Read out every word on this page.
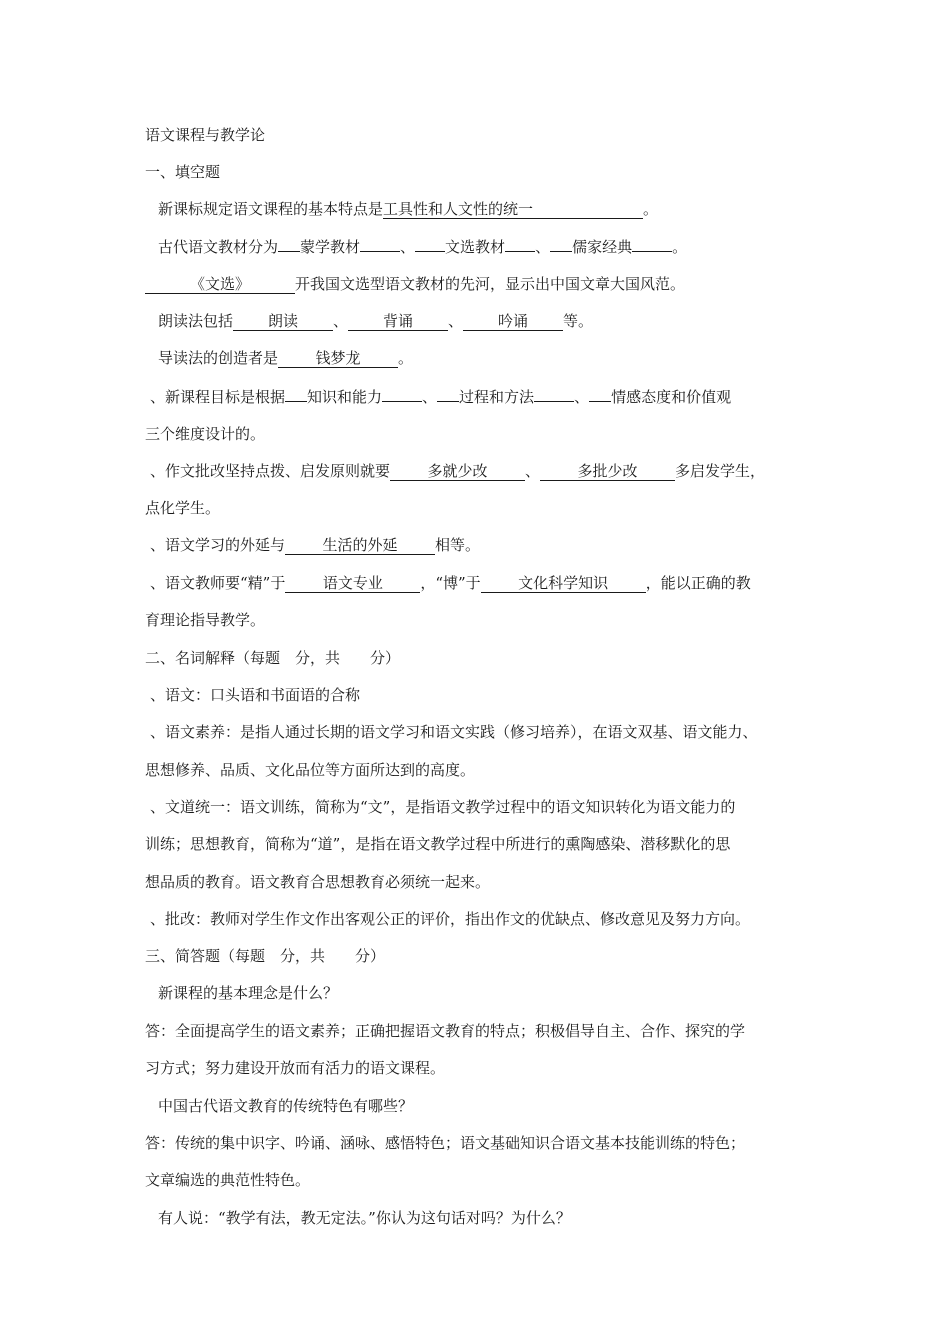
语文课程与教学论
一、填空题
新课标规定语文课程的基本特点是工具性和人文性的统一	。
古代语文教材分为 蒙学教材	、 文选教材 、 儒家经典	。
《文选》	开我国文选型语文教材的先河，显示出中国文章大国风范。
朗读法包括 朗读 、 背诵 、 吟诵 等。
导读法的创造者是 钱梦龙	。
、新课程目标是根据 知识和能力	、 过程和方法	、 情感态度和价值观
三个维度设计的。
、作文批改坚持点拨、启发原则就要 多就少改	、 多批少改	多启发学生，
点化学生。
、语文学习的外延与 生活的外延	相等。
、语文教师要“精”于 语文专业	，“博”于 文化科学知识	，能以正确的教
育理论指导教学。
二、名词解释（每题　分，共　　分）
、语文：口头语和书面语的合称
、语文素养：是指人通过长期的语文学习和语文实践（修习培养），在语文双基、语文能力、
思想修养、品质、文化品位等方面所达到的高度。
、文道统一：语文训练，简称为“文”，是指语文教学过程中的语文知识转化为语文能力的
训练；思想教育，简称为“道”，是指在语文教学过程中所进行的熏陶感染、潜移默化的思
想品质的教育。语文教育合思想教育必须统一起来。
、批改：教师对学生作文作出客观公正的评价，指出作文的优缺点、修改意见及努力方向。
三、简答题（每题　分，共　　分）
新课程的基本理念是什么？
答：全面提高学生的语文素养；正确把握语文教育的特点；积极倡导自主、合作、探究的学
习方式；努力建设开放而有活力的语文课程。
中国古代语文教育的传统特色有哪些？
答：传统的集中识字、吟诵、涵咏、感悟特色；语文基础知识合语文基本技能训练的特色；
文章编选的典范性特色。
有人说：“教学有法，教无定法。”你认为这句话对吗？为什么？
